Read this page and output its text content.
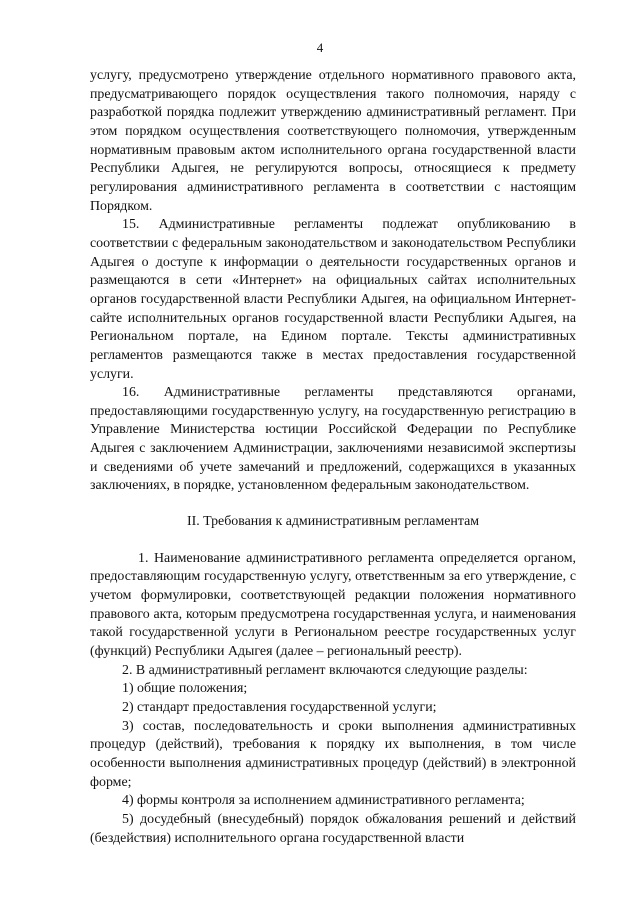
4

услугу, предусмотрено утверждение отдельного нормативного правового акта, предусматривающего порядок осуществления такого полномочия, наряду с разработкой порядка подлежит утверждению административный регламент. При этом порядком осуществления соответствующего полномочия, утвержденным нормативным правовым актом исполнительного органа государственной власти Республики Адыгея, не регулируются вопросы, относящиеся к предмету регулирования административного регламента в соответствии с настоящим Порядком.

15. Административные регламенты подлежат опубликованию в соответствии с федеральным законодательством и законодательством Республики Адыгея о доступе к информации о деятельности государственных органов и размещаются в сети «Интернет» на официальных сайтах исполнительных органов государственной власти Республики Адыгея, на официальном Интернет-сайте исполнительных органов государственной власти Республики Адыгея, на Региональном портале, на Едином портале. Тексты административных регламентов размещаются также в местах предоставления государственной услуги.

16. Административные регламенты представляются органами, предоставляющими государственную услугу, на государственную регистрацию в Управление Министерства юстиции Российской Федерации по Республике Адыгея с заключением Администрации, заключениями независимой экспертизы и сведениями об учете замечаний и предложений, содержащихся в указанных заключениях, в порядке, установленном федеральным законодательством.

II. Требования к административным регламентам

1. Наименование административного регламента определяется органом, предоставляющим государственную услугу, ответственным за его утверждение, с учетом формулировки, соответствующей редакции положения нормативного правового акта, которым предусмотрена государственная услуга, и наименования такой государственной услуги в Региональном реестре государственных услуг (функций) Республики Адыгея (далее – региональный реестр).

2. В административный регламент включаются следующие разделы:

1) общие положения;

2) стандарт предоставления государственной услуги;

3) состав, последовательность и сроки выполнения административных процедур (действий), требования к порядку их выполнения, в том числе особенности выполнения административных процедур (действий) в электронной форме;

4) формы контроля за исполнением административного регламента;

5) досудебный (внесудебный) порядок обжалования решений и действий (бездействия) исполнительного органа государственной власти
